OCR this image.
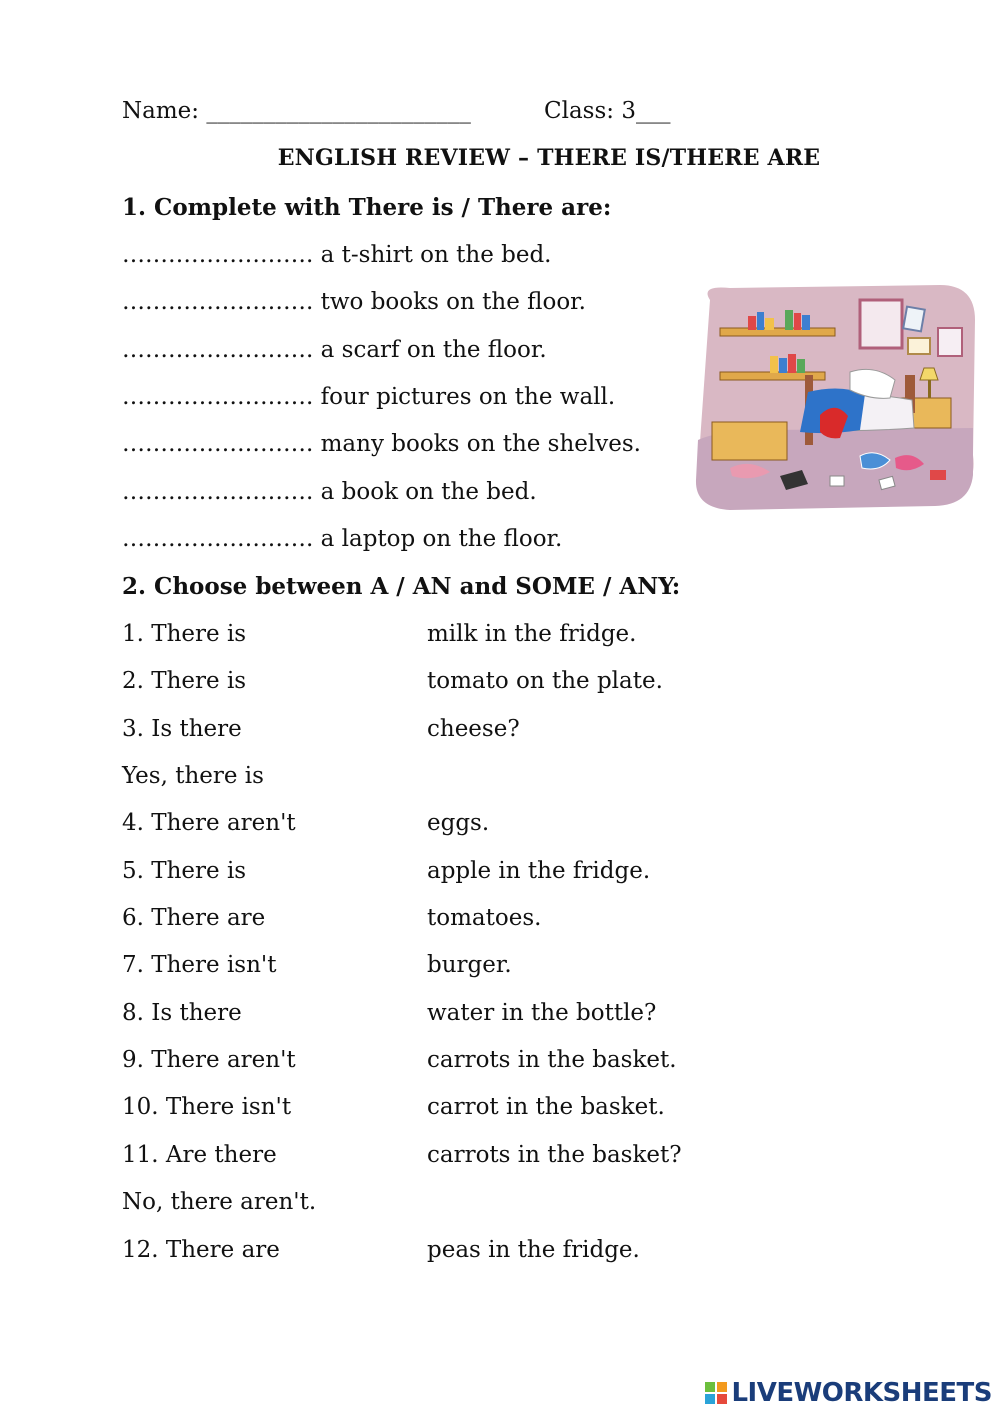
Name: _______________________	Class: 3___
ENGLISH REVIEW – THERE IS/THERE ARE
1. Complete with There is / There are:
……………………. a t-shirt on the bed.
……………………. two books on the floor.
……………………. a scarf on the floor.
……………………. four pictures on the wall.
……………………. many books on the shelves.
……………………. a book on the bed.
……………………. a laptop on the floor.
2. Choose between A / AN and SOME / ANY:
1. There is	milk in the fridge.
2. There is	tomato on the plate.
3. Is there	cheese?
Yes, there is
4. There aren't	eggs.
5. There is	apple in the fridge.
6. There are	tomatoes.
7. There isn't	burger.
8. Is there	water in the bottle?
9. There aren't	carrots in the basket.
10. There isn't	carrot in the basket.
11. Are there	carrots in the basket?
No, there aren't.
12. There are	peas in the fridge.
LIVEWORKSHEETS
